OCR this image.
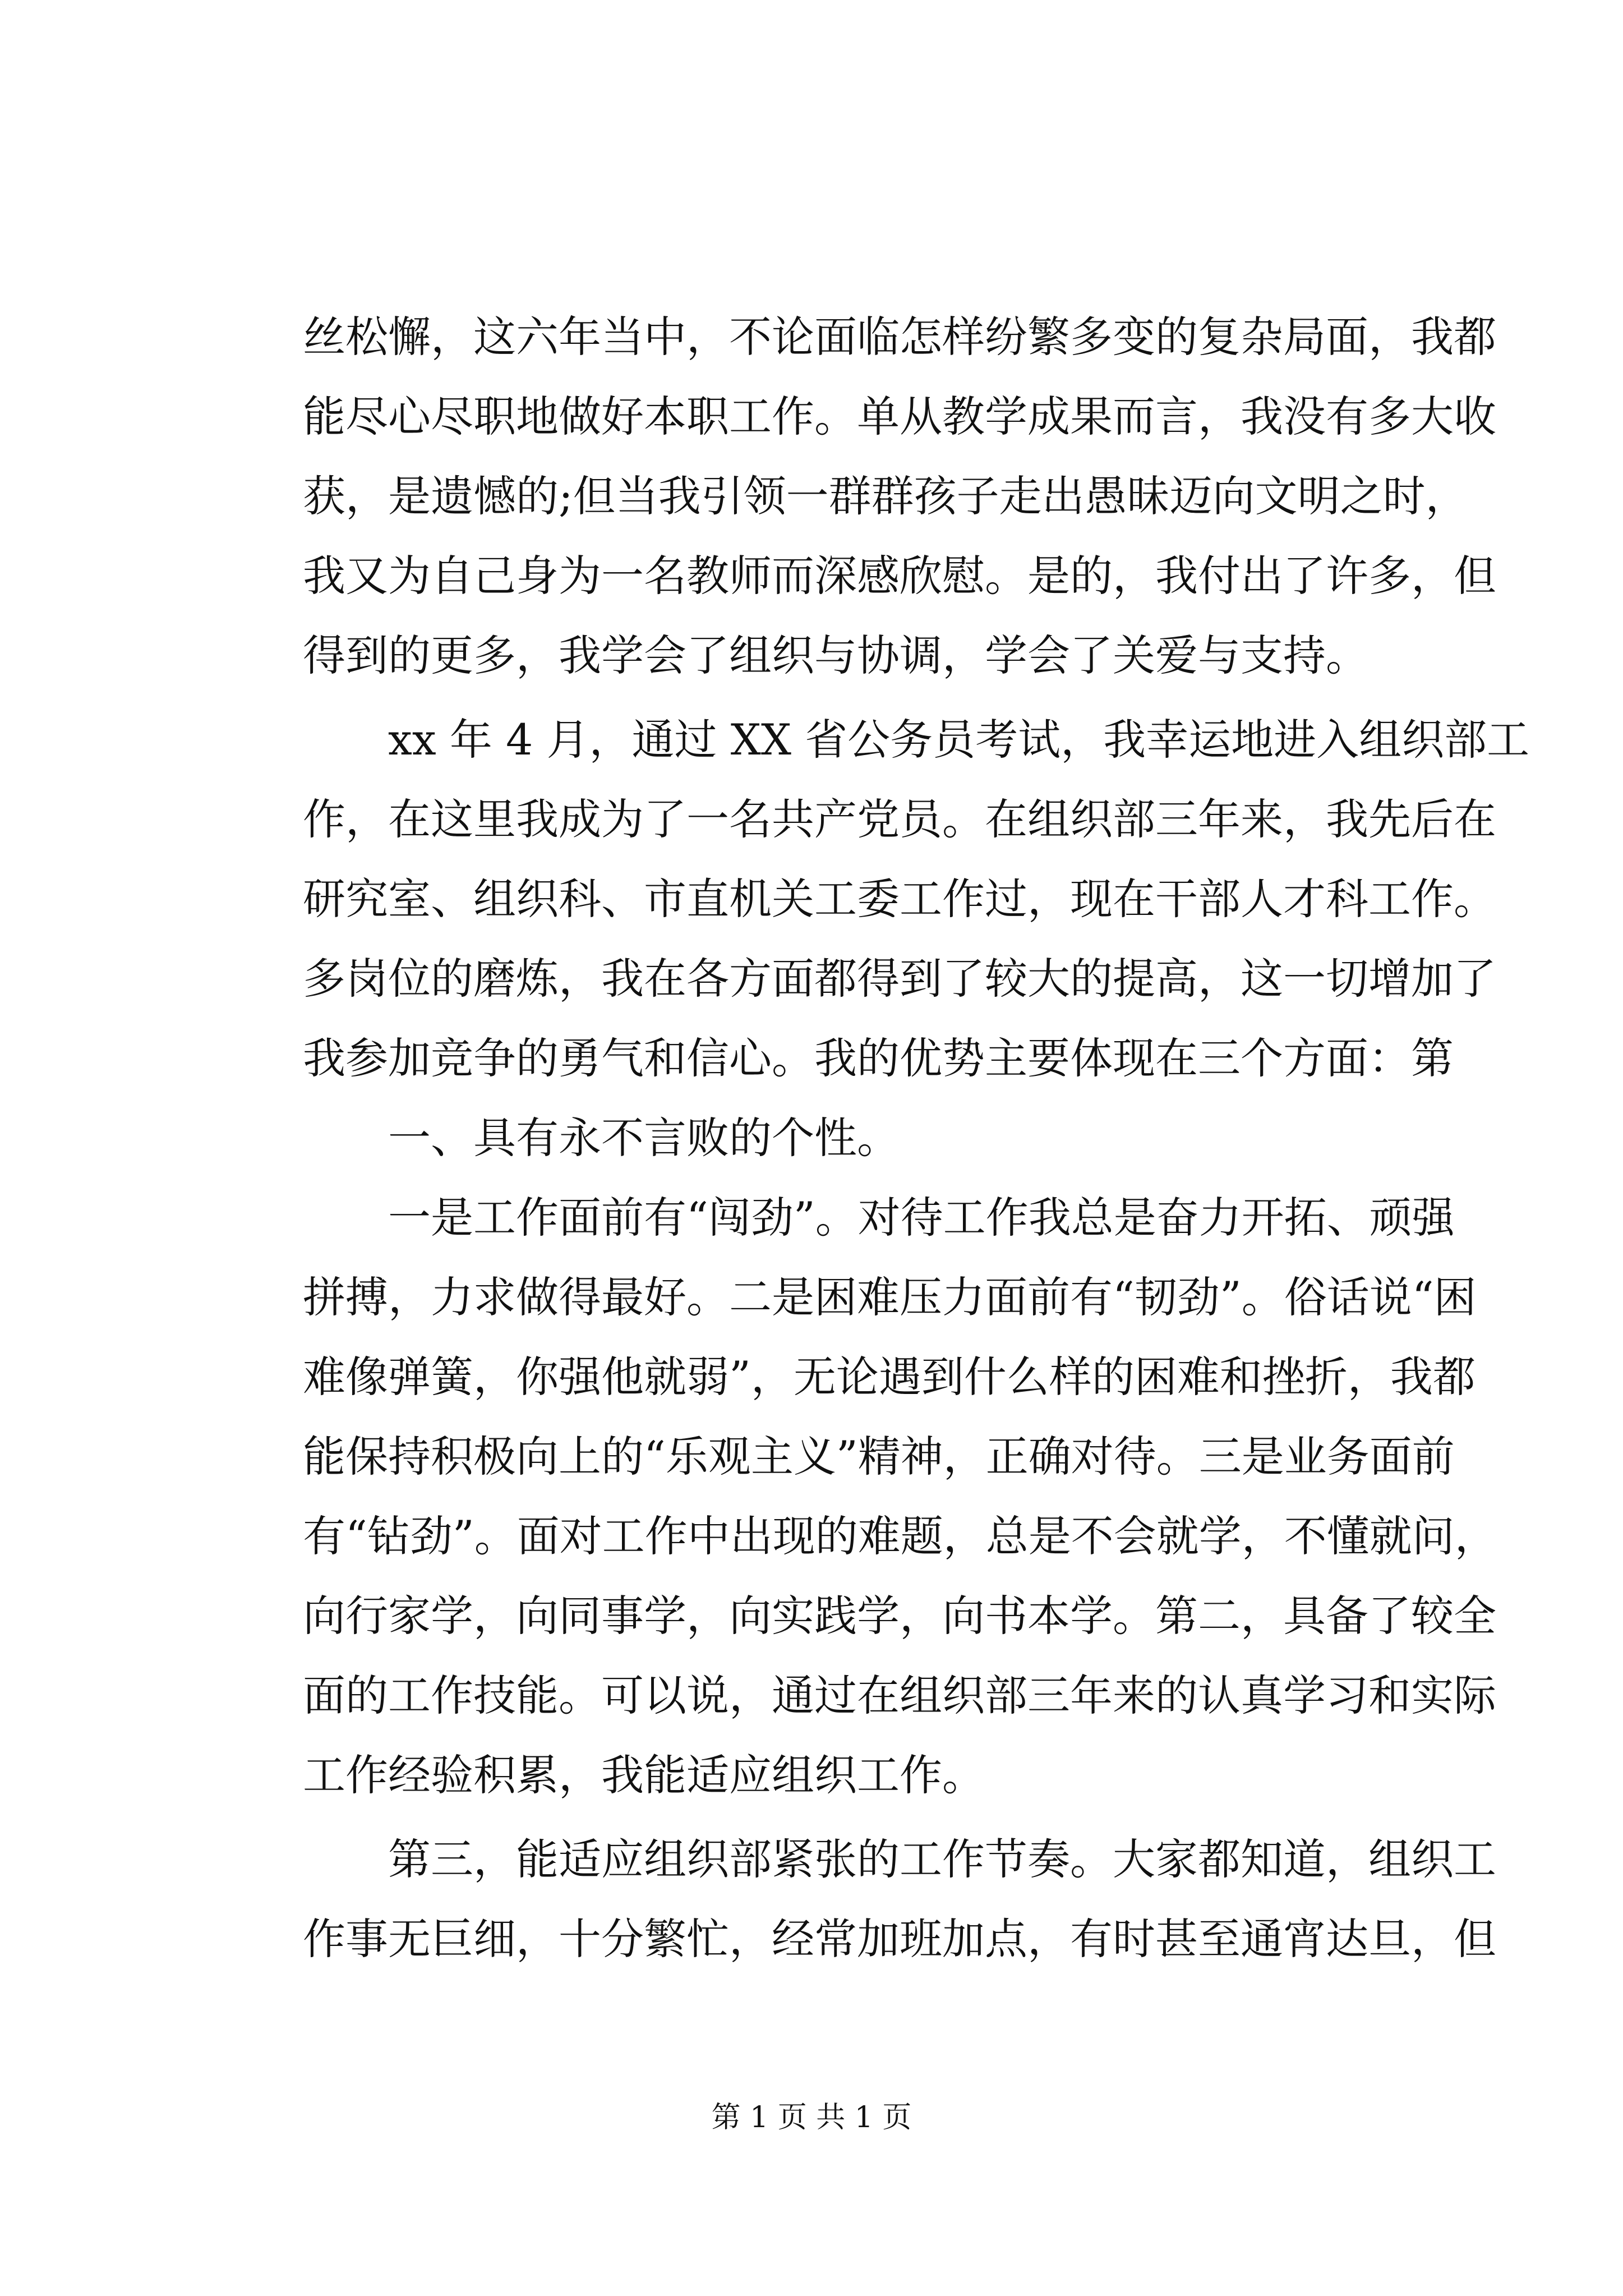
丝松懈，这六年当中，不论面临怎样纷繁多变的复杂局面，我都
能尽心尽职地做好本职工作。单从教学成果而言，我没有多大收
获，是遗憾的;但当我引领一群群孩子走出愚昧迈向文明之时，
我又为自己身为一名教师而深感欣慰。是的，我付出了许多，但
得到的更多，我学会了组织与协调，学会了关爱与支持。
xx 年 4 月，通过 XX 省公务员考试，我幸运地进入组织部工
作，在这里我成为了一名共产党员。在组织部三年来，我先后在
研究室、组织科、市直机关工委工作过，现在干部人才科工作。
多岗位的磨炼，我在各方面都得到了较大的提高，这一切增加了
我参加竞争的勇气和信心。我的优势主要体现在三个方面：第
一、具有永不言败的个性。
一是工作面前有“闯劲”。对待工作我总是奋力开拓、顽强
拼搏，力求做得最好。二是困难压力面前有“韧劲”。俗话说“困
难像弹簧，你强他就弱”，无论遇到什么样的困难和挫折，我都
能保持积极向上的“乐观主义”精神，正确对待。三是业务面前
有“钻劲”。面对工作中出现的难题，总是不会就学，不懂就问，
向行家学，向同事学，向实践学，向书本学。第二，具备了较全
面的工作技能。可以说，通过在组织部三年来的认真学习和实际
工作经验积累，我能适应组织工作。
第三，能适应组织部紧张的工作节奏。大家都知道，组织工
作事无巨细，十分繁忙，经常加班加点，有时甚至通宵达旦，但
第 1 页 共 1 页
